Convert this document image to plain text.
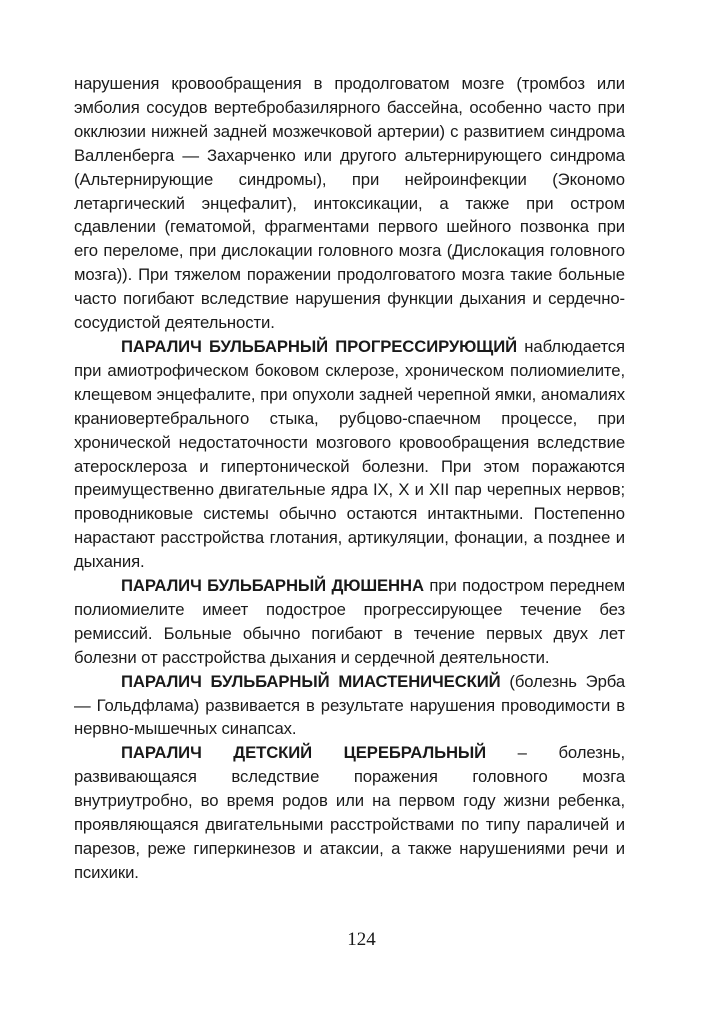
нарушения кровообращения в продолговатом мозге (тромбоз или эмболия сосудов вертебробазилярного бассейна, особенно часто при окклюзии нижней задней мозжечковой артерии) с развитием синдрома Валленберга — Захарченко или другого альтернирующего синдрома (Альтернирующие синдромы), при нейроинфекции (Экономо летаргический энцефалит), интоксикации, а также при остром сдавлении (гематомой, фрагментами первого шейного позвонка при его переломе, при дислокации головного мозга (Дислокация головного мозга)). При тяжелом поражении продолговатого мозга такие больные часто погибают вследствие нарушения функции дыхания и сердечно-сосудистой деятельности.

ПАРАЛИЧ БУЛЬБАРНЫЙ ПРОГРЕССИРУЮЩИЙ наблюдается при амиотрофическом боковом склерозе, хроническом полиомиелите, клещевом энцефалите, при опухоли задней черепной ямки, аномалиях краниовертебрального стыка, рубцово-спаечном процессе, при хронической недостаточности мозгового кровообращения вследствие атеросклероза и гипертонической болезни. При этом поражаются преимущественно двигательные ядра IX, X и XII пар черепных нервов; проводниковые системы обычно остаются интактными. Постепенно нарастают расстройства глотания, артикуляции, фонации, а позднее и дыхания.

ПАРАЛИЧ БУЛЬБАРНЫЙ ДЮШЕННА при подостром переднем полиомиелите имеет подострое прогрессирующее течение без ремиссий. Больные обычно погибают в течение первых двух лет болезни от расстройства дыхания и сердечной деятельности.

ПАРАЛИЧ БУЛЬБАРНЫЙ МИАСТЕНИЧЕСКИЙ (болезнь Эрба — Гольдфлама) развивается в результате нарушения проводимости в нервно-мышечных синапсах.

ПАРАЛИЧ ДЕТСКИЙ ЦЕРЕБРАЛЬНЫЙ – болезнь, развивающаяся вследствие поражения головного мозга внутриутробно, во время родов или на первом году жизни ребенка, проявляющаяся двигательными расстройствами по типу параличей и парезов, реже гиперкинезов и атаксии, а также нарушениями речи и психики.

124
